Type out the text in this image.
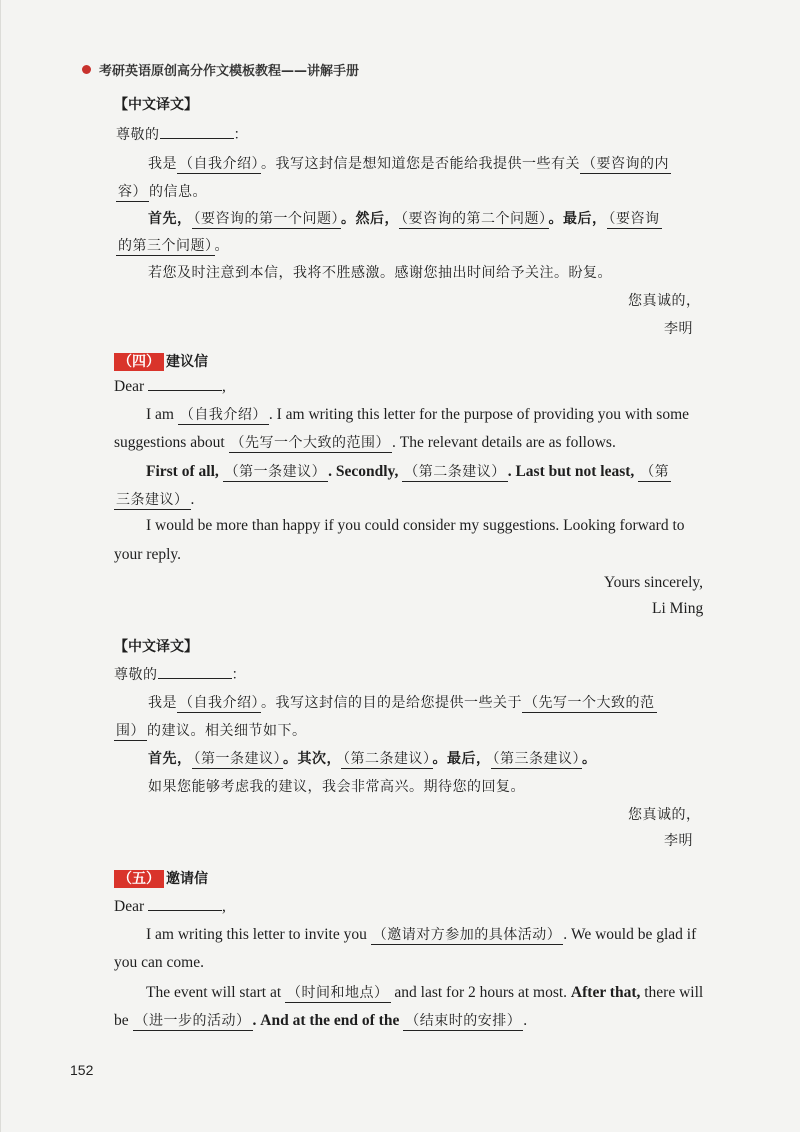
考研英语原创高分作文模板教程——讲解手册
【中文译文】
尊敬的	：
我是 （自我介绍） 。我写这封信是想知道您是否能给我提供一些有关 （要咨询的内
容） 的信息。
首先， （要咨询的第一个问题） 。然后， （要咨询的第二个问题） 。最后， （要咨询
的第三个问题） 。
若您及时注意到本信，我将不胜感激。感谢您抽出时间给予关注。盼复。
您真诚的，
李明
（四） 建议信
Dear	,
I am （自我介绍） . I am writing this letter for the purpose of providing you with some
suggestions about （先写一个大致的范围） . The relevant details are as follows.
First of all, （第一条建议） . Secondly, （第二条建议） . Last but not least, （第
三条建议） .
I would be more than happy if you could consider my suggestions. Looking forward to
your reply.
Yours sincerely,
Li Ming
【中文译文】
尊敬的	：
我是 （自我介绍） 。我写这封信的目的是给您提供一些关于 （先写一个大致的范
围） 的建议。相关细节如下。
首先， （第一条建议） 。其次， （第二条建议） 。最后， （第三条建议） 。
如果您能够考虑我的建议，我会非常高兴。期待您的回复。
您真诚的，
李明
（五） 邀请信
Dear	,
I am writing this letter to invite you （邀请对方参加的具体活动） . We would be glad if
you can come.
The event will start at （时间和地点） and last for 2 hours at most. After that, there will
be （进一步的活动） . And at the end of the （结束时的安排） .
152
